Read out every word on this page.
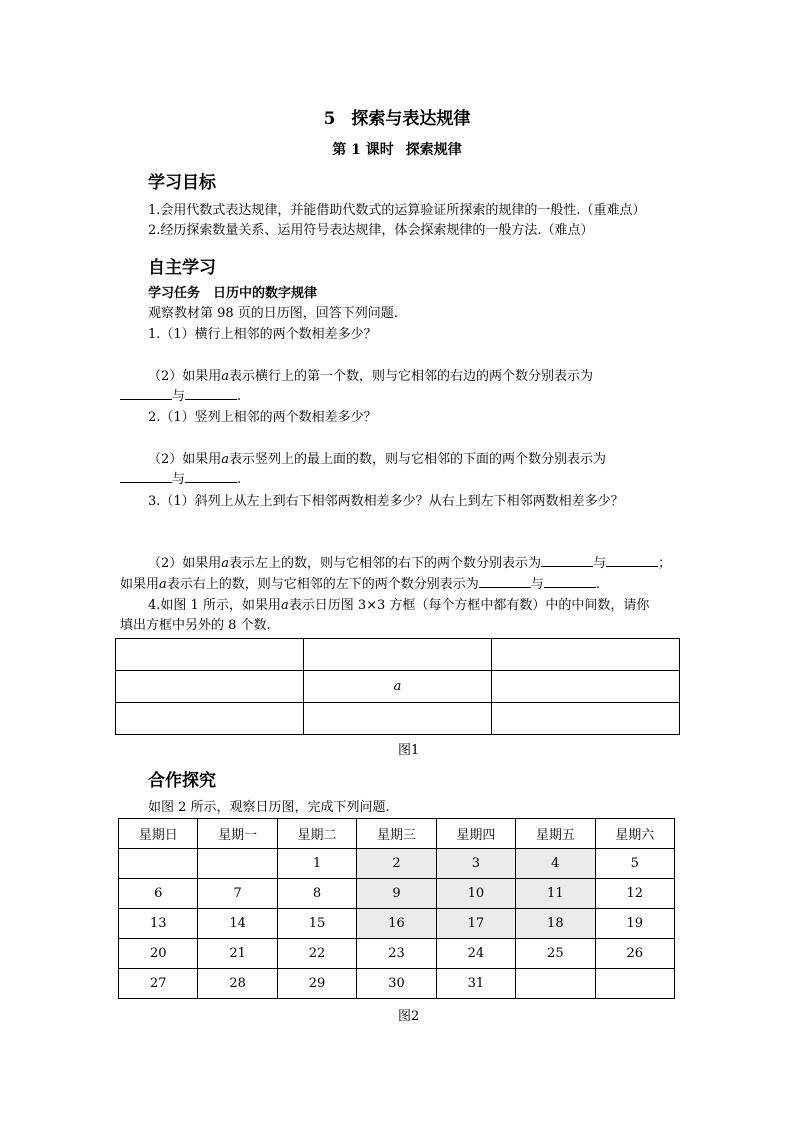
5 探索与表达规律
第 1 课时 探索规律
学习目标
1.会用代数式表达规律，并能借助代数式的运算验证所探索的规律的一般性.（重难点）
2.经历探索数量关系、运用符号表达规律，体会探索规律的一般方法.（难点）
自主学习
学习任务　日历中的数字规律
观察教材第 98 页的日历图，回答下列问题.
1.（1）横行上相邻的两个数相差多少？
（2）如果用a表示横行上的第一个数，则与它相邻的右边的两个数分别表示为
与	.
2.（1）竖列上相邻的两个数相差多少？
（2）如果用a表示竖列上的最上面的数，则与它相邻的下面的两个数分别表示为
与	.
3.（1）斜列上从左上到右下相邻两数相差多少？从右上到左下相邻两数相差多少？
（2）如果用a表示左上的数，则与它相邻的右下的两个数分别表示为	与	；
如果用a表示右上的数，则与它相邻的左下的两个数分别表示为	与	.
4.如图 1 所示，如果用a表示日历图 3×3 方框（每个方框中都有数）中的中间数，请你
填出方框中另外的 8 个数.

	a	

图1
合作探究
如图 2 所示，观察日历图，完成下列问题.
星期日	星期一	星期二	星期三	星期四	星期五	星期六
		1	2	3	4	5
6	7	8	9	10	11	12
13	14	15	16	17	18	19
20	21	22	23	24	25	26
27	28	29	30	31		
图2
